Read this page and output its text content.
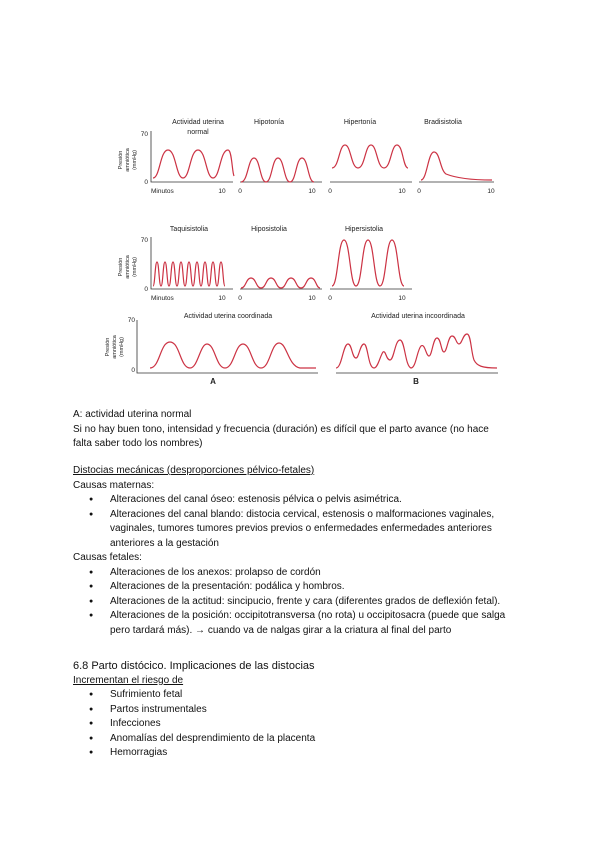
Actividad uterina
normal
70
0
Presión amniótica (mmHg)
Minutos	10
Hipotonía
0	10
Hipertonía
0	10
Bradisistolia
0	10
Taquisistolia
70
0
Presión amniótica (mmHg)
Minutos	10
Hiposistolia
0	10
Hipersistolia
0	10
Actividad uterina coordinada
70
0
Presión amniótica (mmHg)
A
Actividad uterina incoordinada
B

A: actividad uterina normal

Si no hay buen tono, intensidad y frecuencia (duración) es difícil que el parto avance (no hace

falta saber todo los nombres)

Distocias mecánicas (desproporciones pélvico-fetales)

Causas maternas:

● Alteraciones del canal óseo: estenosis pélvica o pelvis asimétrica.
● Alteraciones del canal blando: distocia cervical, estenosis o malformaciones vaginales,

vaginales, tumores tumores previos previos o enfermedades enfermedades anteriores

anteriores a la gestación

Causas fetales:

● Alteraciones de los anexos: prolapso de cordón
● Alteraciones de la presentación: podálica y hombros.
● Alteraciones de la actitud: sincipucio, frente y cara (diferentes grados de deflexión fetal).
● Alteraciones de la posición: occipitotransversa (no rota) u occipitosacra (puede que salga

pero tardará más). → cuando va de nalgas girar a la criatura al final del parto

6.8 Parto distócico. Implicaciones de las distocias

Incrementan el riesgo de

● Sufrimiento fetal
● Partos instrumentales
● Infecciones
● Anomalías del desprendimiento de la placenta
● Hemorragias
